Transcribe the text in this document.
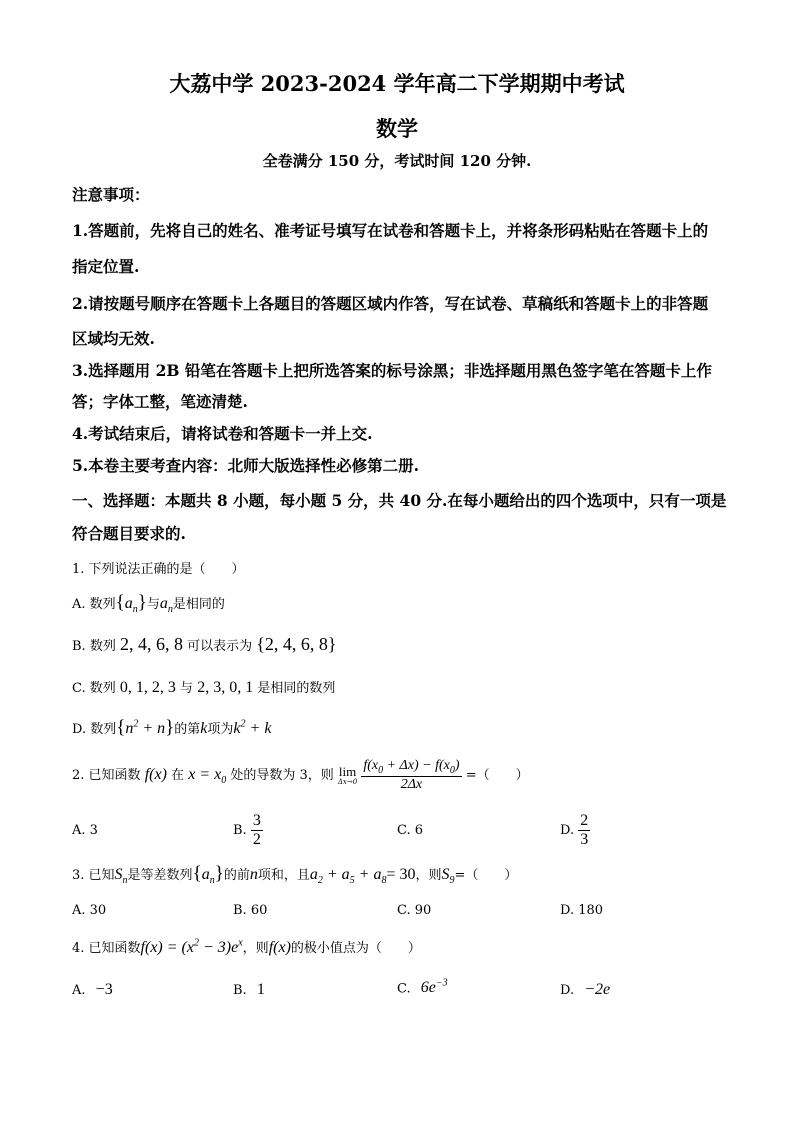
大荔中学 2023-2024 学年高二下学期期中考试
数学
全卷满分 150 分，考试时间 120 分钟.
注意事项：
1.答题前，先将自己的姓名、准考证号填写在试卷和答题卡上，并将条形码粘贴在答题卡上的
指定位置.
2.请按题号顺序在答题卡上各题目的答题区域内作答，写在试卷、草稿纸和答题卡上的非答题
区域均无效.
3.选择题用 2B 铅笔在答题卡上把所选答案的标号涂黑；非选择题用黑色签字笔在答题卡上作
答；字体工整，笔迹清楚.
4.考试结束后，请将试卷和答题卡一并上交.
5.本卷主要考查内容：北师大版选择性必修第二册.
一、选择题：本题共 8 小题，每小题 5 分，共 40 分.在每小题给出的四个选项中，只有一项是
符合题目要求的.
1. 下列说法正确的是（　　）
A. 数列$\{a_n\}$与$a_n$是相同的
B. 数列 2, 4, 6, 8 可以表示为 {2, 4, 6, 8}
C. 数列 0, 1, 2, 3 与 2, 3, 0, 1 是相同的数列
D. 数列$\{n^2 + n\}$的第k项为$k^2 + k$
2. 已知函数 f(x) 在 $x = x_0$ 处的导数为 3，则 lim
Δx→0
$\frac{f(x_0 + \Delta x) - f(x_0)}{2\Delta x}$ =（　　）
A. 3	B. $\frac{3}{2}$	C. 6	D. $\frac{2}{3}$
3. 已知$S_n$是等差数列$\{a_n\}$的前n项和，且$a_2 + a_5 + a_8= 30$，则$S_9=$（　　）
A. 30	B. 60	C. 90	D. 180
4. 已知函数$f(x) = (x^2 - 3)e^x$，则f(x)的极小值点为（　　）
A. −3	B. 1	C. $6e^{-3}$	D. −2e
